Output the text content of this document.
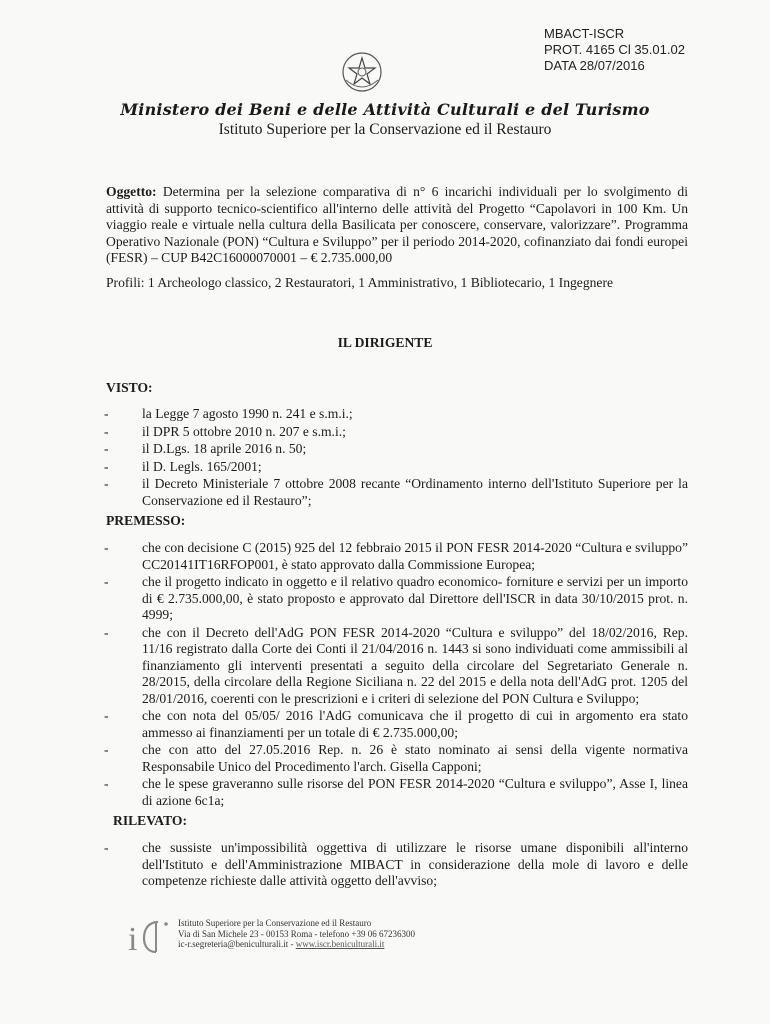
MBACT-ISCR
PROT. 4165 Cl 35.01.02
DATA 28/07/2016
Ministero dei Beni e delle Attività Culturali e del Turismo
Istituto Superiore per la Conservazione ed il Restauro
Oggetto: Determina per la selezione comparativa di n° 6 incarichi individuali per lo svolgimento di attività di supporto tecnico-scientifico all'interno delle attività del Progetto “Capolavori in 100 Km. Un viaggio reale e virtuale nella cultura della Basilicata per conoscere, conservare, valorizzare”. Programma Operativo Nazionale (PON) “Cultura e Sviluppo” per il periodo 2014-2020, cofinanziato dai fondi europei (FESR) – CUP B42C16000070001 – € 2.735.000,00
Profili: 1 Archeologo classico, 2 Restauratori, 1 Amministrativo, 1 Bibliotecario, 1 Ingegnere
IL DIRIGENTE
VISTO:
- la Legge 7 agosto 1990 n. 241 e s.m.i.;
- il DPR 5 ottobre 2010 n. 207 e s.m.i.;
- il D.Lgs. 18 aprile 2016 n. 50;
- il D. Legls. 165/2001;
- il Decreto Ministeriale 7 ottobre 2008 recante “Ordinamento interno dell'Istituto Superiore per la Conservazione ed il Restauro”;
PREMESSO:
- che con decisione C (2015) 925 del 12 febbraio 2015 il PON FESR 2014-2020 “Cultura e sviluppo” CC20141IT16RFOP001, è stato approvato dalla Commissione Europea;
- che il progetto indicato in oggetto e il relativo quadro economico- forniture e servizi per un importo di € 2.735.000,00, è stato proposto e approvato dal Direttore dell'ISCR in data 30/10/2015 prot. n. 4999;
- che con il Decreto dell'AdG PON FESR 2014-2020 “Cultura e sviluppo” del 18/02/2016, Rep. 11/16 registrato dalla Corte dei Conti il 21/04/2016 n. 1443 si sono individuati come ammissibili al finanziamento gli interventi presentati a seguito della circolare del Segretariato Generale n. 28/2015, della circolare della Regione Siciliana n. 22 del 2015 e della nota dell'AdG prot. 1205 del 28/01/2016, coerenti con le prescrizioni e i criteri di selezione del PON Cultura e Sviluppo;
- che con nota del 05/05/ 2016 l'AdG comunicava che il progetto di cui in argomento era stato ammesso ai finanziamenti per un totale di € 2.735.000,00;
- che con atto del 27.05.2016 Rep. n. 26 è stato nominato ai sensi della vigente normativa Responsabile Unico del Procedimento l'arch. Gisella Capponi;
- che le spese graveranno sulle risorse del PON FESR 2014-2020 “Cultura e sviluppo”, Asse I, linea di azione 6c1a;
RILEVATO:
- che sussiste un'impossibilità oggettiva di utilizzare le risorse umane disponibili all'interno dell'Istituto e dell'Amministrazione MIBACT in considerazione della mole di lavoro e delle competenze richieste dalle attività oggetto dell'avviso;
i	Istituto Superiore per la Conservazione ed il Restauro
Via di San Michele 23 - 00153 Roma - telefono +39 06 67236300
ic-r.segreteria@beniculturali.it - www.iscr.beniculturali.it
